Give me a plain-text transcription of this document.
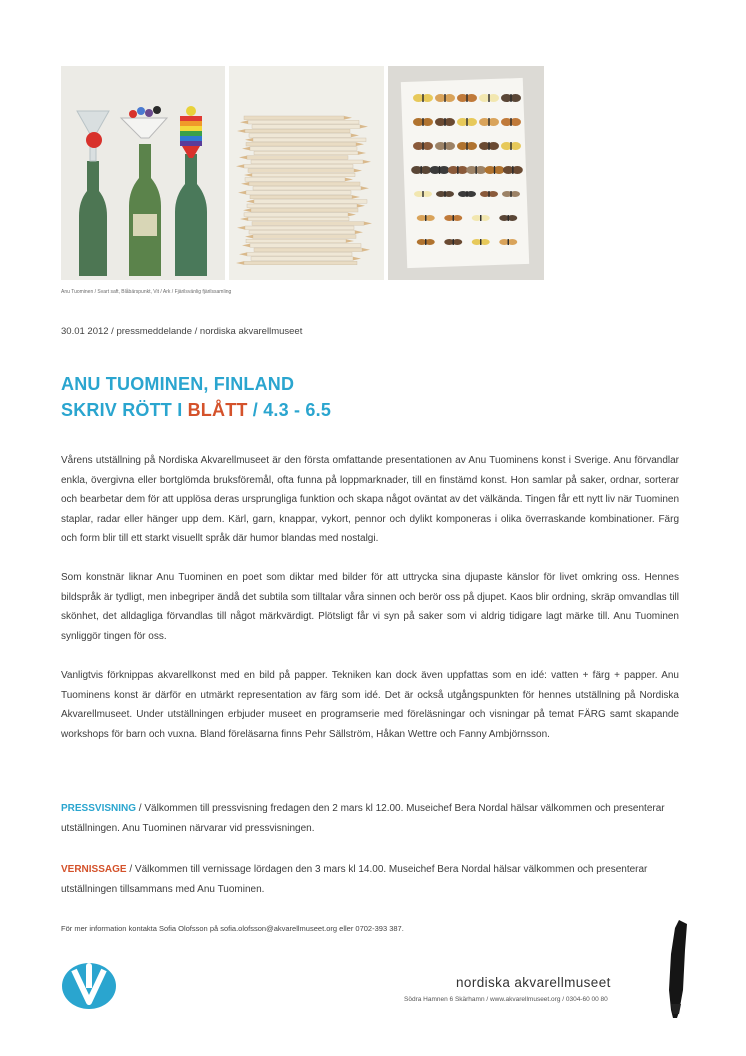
Anu Tuominen / Svart saft, Blåbärspunkt, Vit / Ark / Fjärilsvänlig fjärilssamling
30.01 2012 / pressmeddelande / nordiska akvarellmuseet
ANU TUOMINEN, FINLAND
SKRIV RÖTT I BLÅTT / 4.3 - 6.5
Vårens utställning på Nordiska Akvarellmuseet är den första omfattande presentationen av Anu Tuominens konst i Sverige. Anu förvandlar enkla, övergivna eller bortglömda bruksföremål, ofta funna på loppmarknader, till en finstämd konst. Hon samlar på saker, ordnar, sorterar och bearbetar dem för att upplösa deras ursprungliga funktion och skapa något oväntat av det välkända. Tingen får ett nytt liv när Tuominen staplar, radar eller hänger upp dem. Kärl, garn, knappar, vykort, pennor och dylikt komponeras i olika överraskande kombinationer. Färg och form blir till ett starkt visuellt språk där humor blandas med nostalgi.
Som konstnär liknar Anu Tuominen en poet som diktar med bilder för att uttrycka sina djupaste känslor för livet omkring oss. Hennes bildspråk är tydligt, men inbegriper ändå det subtila som tilltalar våra sinnen och berör oss på djupet. Kaos blir ordning, skräp omvandlas till skönhet, det alldagliga förvandlas till något märkvärdigt. Plötsligt får vi syn på saker som vi aldrig tidigare lagt märke till. Anu Tuominen synliggör tingen för oss.
Vanligtvis förknippas akvarellkonst med en bild på papper. Tekniken kan dock även uppfattas som en idé: vatten + färg + papper. Anu Tuominens konst är därför en utmärkt representation av färg som idé. Det är också utgångspunkten för hennes utställning på Nordiska Akvarellmuseet. Under utställningen erbjuder museet en programserie med föreläsningar och visningar på temat FÄRG samt skapande workshops för barn och vuxna. Bland föreläsarna finns Pehr Sällström, Håkan Wettre och Fanny Ambjörnsson.
PRESSVISNING / Välkommen till pressvisning fredagen den 2 mars kl 12.00. Museichef Bera Nordal hälsar välkommen och presenterar utställningen. Anu Tuominen närvarar vid pressvisningen.
VERNISSAGE / Välkommen till vernissage lördagen den 3 mars kl 14.00. Museichef Bera Nordal hälsar välkommen och presenterar utställningen tillsammans med Anu Tuominen.
För mer information kontakta Sofia Olofsson på sofia.olofsson@akvarellmuseet.org eller 0702-393 387.
nordiska akvarellmuseet
Södra Hamnen 6 Skärhamn / www.akvarellmuseet.org / 0304-60 00 80
